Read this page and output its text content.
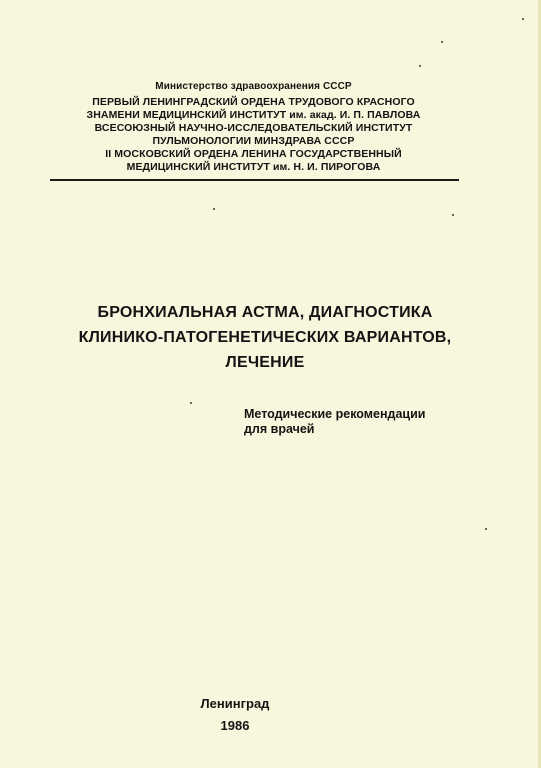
Министерство здравоохранения СССР
ПЕРВЫЙ ЛЕНИНГРАДСКИЙ ОРДЕНА ТРУДОВОГО КРАСНОГО
ЗНАМЕНИ МЕДИЦИНСКИЙ ИНСТИТУТ им. акад. И. П. ПАВЛОВА
ВСЕСОЮЗНЫЙ НАУЧНО-ИССЛЕДОВАТЕЛЬСКИЙ ИНСТИТУТ
ПУЛЬМОНОЛОГИИ МИНЗДРАВА СССР
II МОСКОВСКИЙ ОРДЕНА ЛЕНИНА ГОСУДАРСТВЕННЫЙ
МЕДИЦИНСКИЙ ИНСТИТУТ им. Н. И. ПИРОГОВА
БРОНХИАЛЬНАЯ АСТМА, ДИАГНОСТИКА
КЛИНИКО-ПАТОГЕНЕТИЧЕСКИХ ВАРИАНТОВ,
ЛЕЧЕНИЕ
Методические рекомендации
для врачей
Ленинград
1986
